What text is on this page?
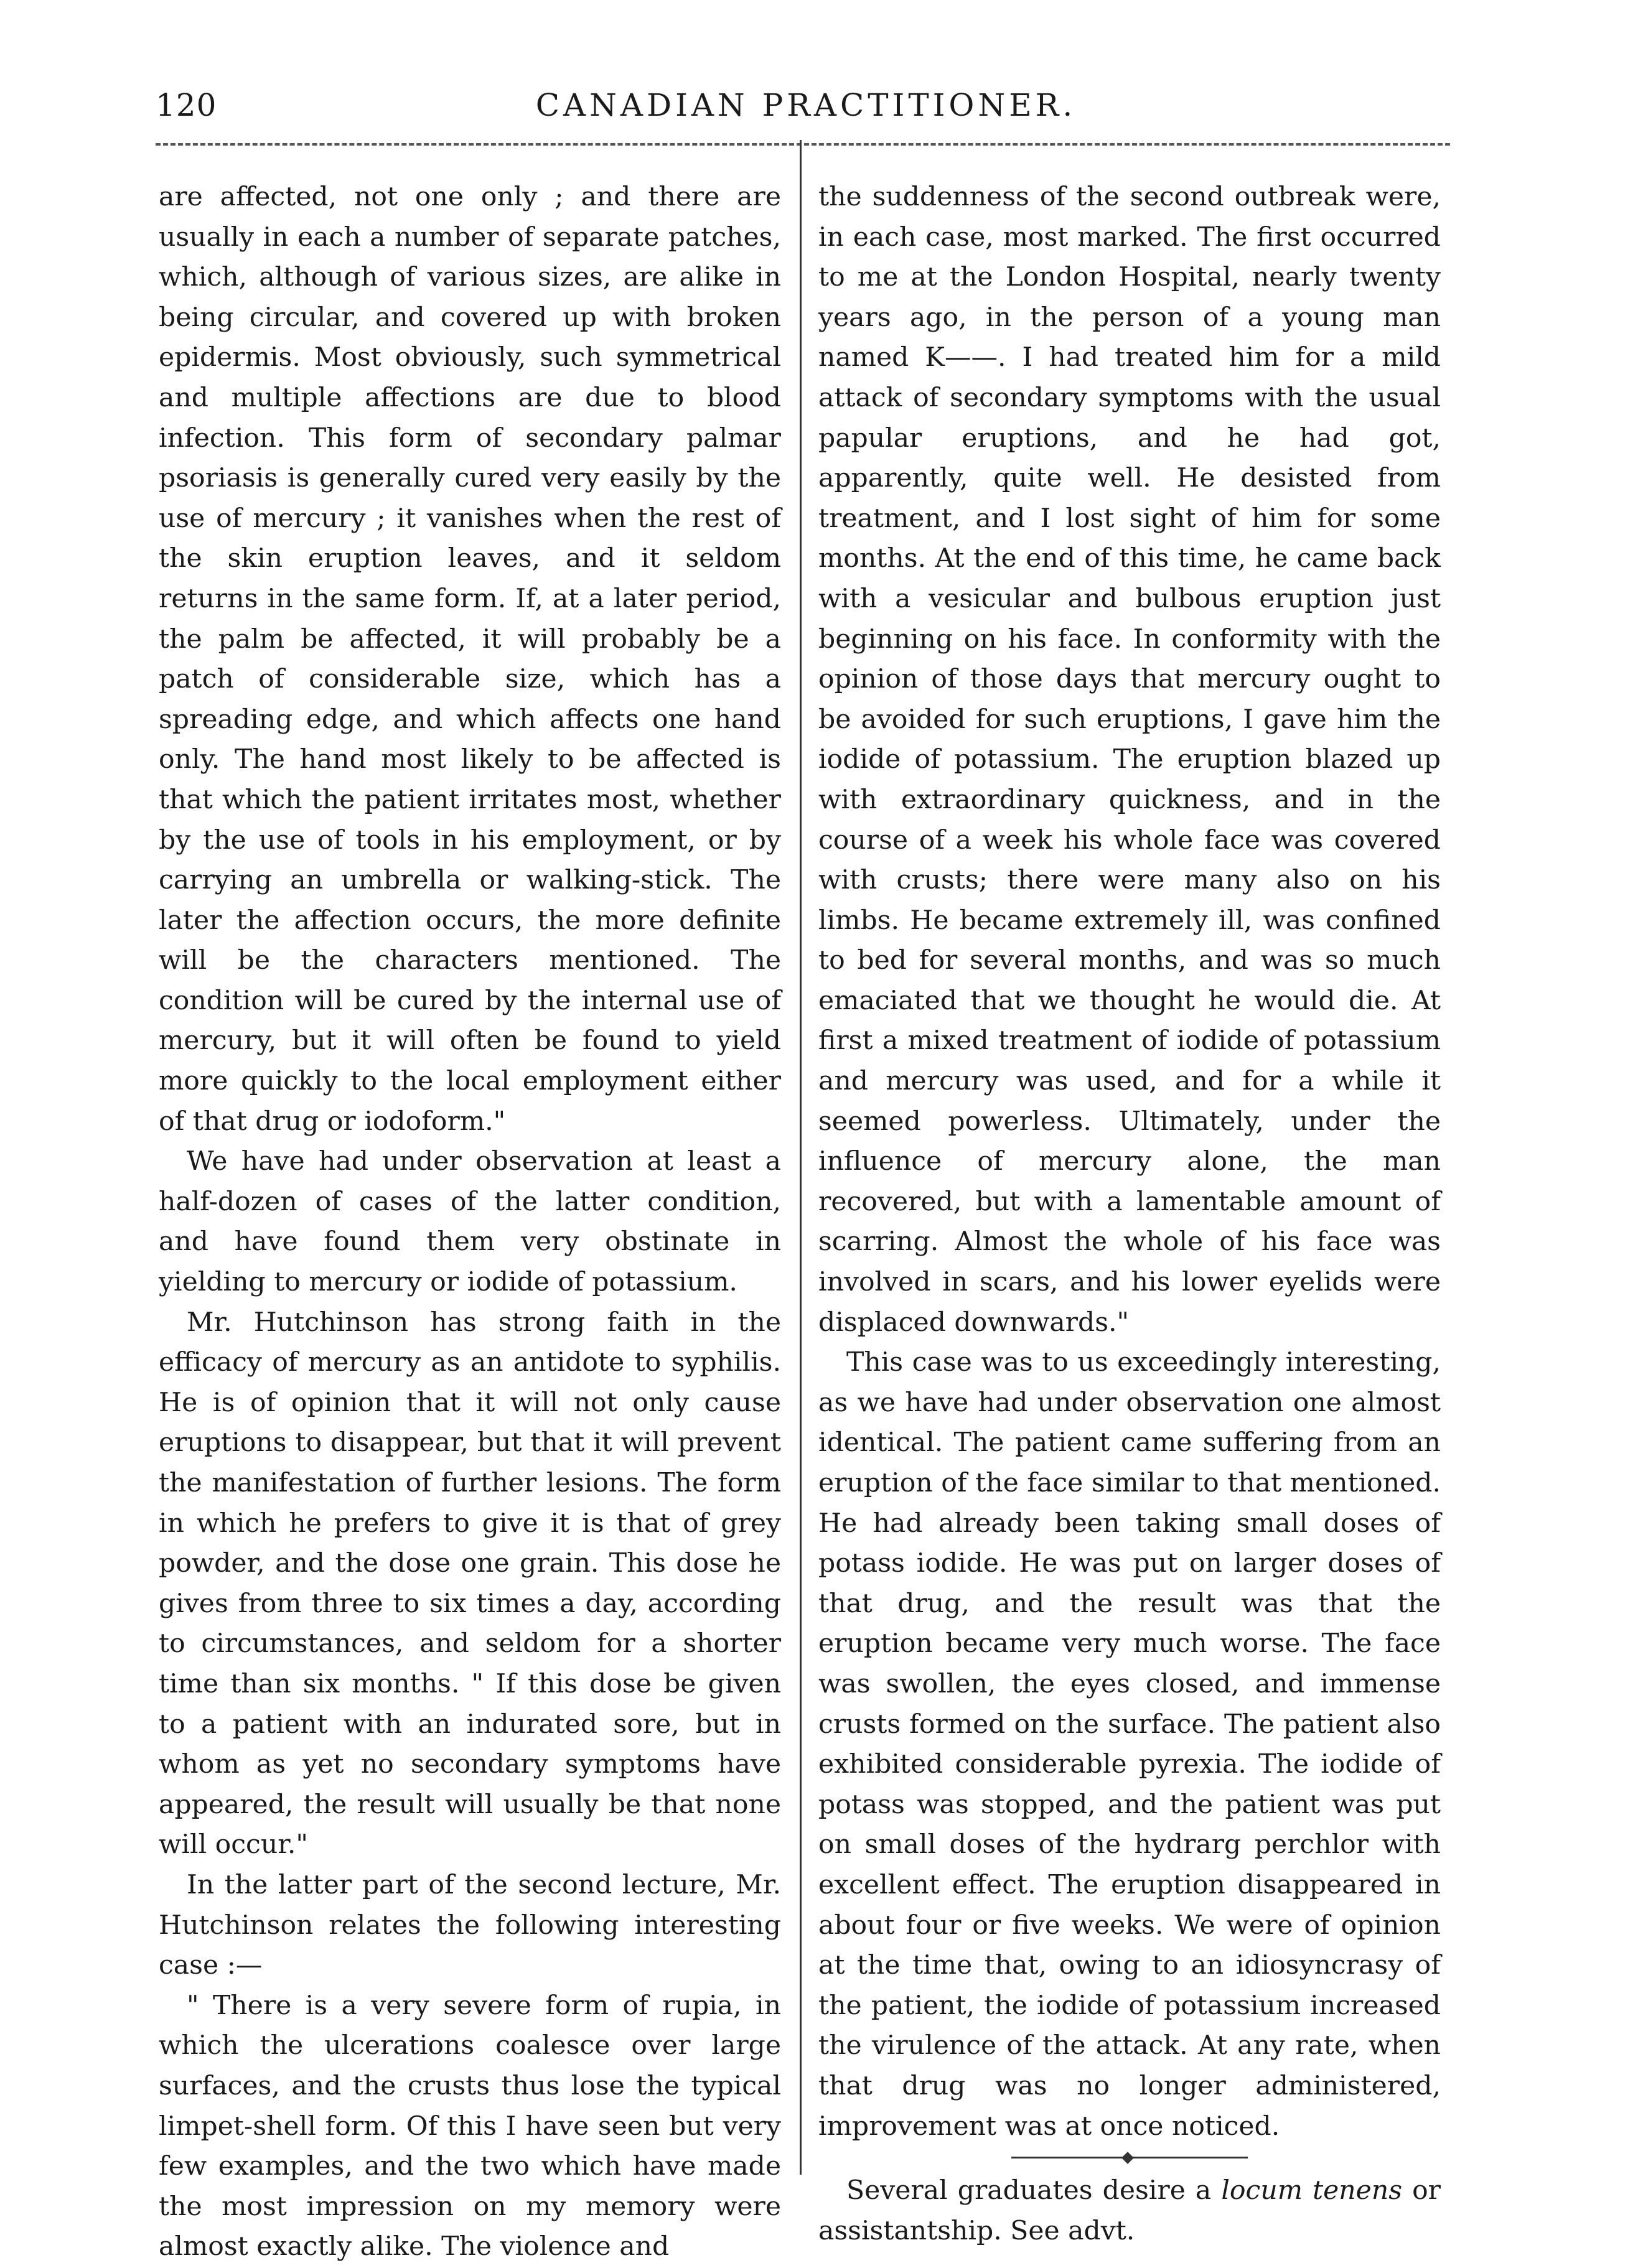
120	CANADIAN PRACTITIONER.

are affected, not one only ; and there are usually in each a number of separate patches, which, although of various sizes, are alike in being circular, and covered up with broken epidermis. Most obviously, such symmetrical and multiple affections are due to blood infection. This form of secondary palmar psoriasis is generally cured very easily by the use of mercury ; it vanishes when the rest of the skin eruption leaves, and it seldom returns in the same form. If, at a later period, the palm be affected, it will probably be a patch of considerable size, which has a spreading edge, and which affects one hand only. The hand most likely to be affected is that which the patient irritates most, whether by the use of tools in his employment, or by carrying an umbrella or walking-stick. The later the affection occurs, the more definite will be the characters mentioned. The condition will be cured by the internal use of mercury, but it will often be found to yield more quickly to the local employment either of that drug or iodoform."

We have had under observation at least a half-dozen of cases of the latter condition, and have found them very obstinate in yielding to mercury or iodide of potassium.

Mr. Hutchinson has strong faith in the efficacy of mercury as an antidote to syphilis. He is of opinion that it will not only cause eruptions to disappear, but that it will prevent the manifestation of further lesions. The form in which he prefers to give it is that of grey powder, and the dose one grain. This dose he gives from three to six times a day, according to circumstances, and seldom for a shorter time than six months. " If this dose be given to a patient with an indurated sore, but in whom as yet no secondary symptoms have appeared, the result will usually be that none will occur."

In the latter part of the second lecture, Mr. Hutchinson relates the following interesting case :—

" There is a very severe form of rupia, in which the ulcerations coalesce over large surfaces, and the crusts thus lose the typical limpet-shell form. Of this I have seen but very few examples, and the two which have made the most impression on my memory were almost exactly alike. The violence and

the suddenness of the second outbreak were, in each case, most marked. The first occurred to me at the London Hospital, nearly twenty years ago, in the person of a young man named K——. I had treated him for a mild attack of secondary symptoms with the usual papular eruptions, and he had got, apparently, quite well. He desisted from treatment, and I lost sight of him for some months. At the end of this time, he came back with a vesicular and bulbous eruption just beginning on his face. In conformity with the opinion of those days that mercury ought to be avoided for such eruptions, I gave him the iodide of potassium. The eruption blazed up with extraordinary quickness, and in the course of a week his whole face was covered with crusts; there were many also on his limbs. He became extremely ill, was confined to bed for several months, and was so much emaciated that we thought he would die. At first a mixed treatment of iodide of potassium and mercury was used, and for a while it seemed powerless. Ultimately, under the influence of mercury alone, the man recovered, but with a lamentable amount of scarring. Almost the whole of his face was involved in scars, and his lower eyelids were displaced downwards."

This case was to us exceedingly interesting, as we have had under observation one almost identical. The patient came suffering from an eruption of the face similar to that mentioned. He had already been taking small doses of potass iodide. He was put on larger doses of that drug, and the result was that the eruption became very much worse. The face was swollen, the eyes closed, and immense crusts formed on the surface. The patient also exhibited considerable pyrexia. The iodide of potass was stopped, and the patient was put on small doses of the hydrarg perchlor with excellent effect. The eruption disappeared in about four or five weeks. We were of opinion at the time that, owing to an idiosyncrasy of the patient, the iodide of potassium increased the virulence of the attack. At any rate, when that drug was no longer administered, improvement was at once noticed.

Several graduates desire a locum tenens or assistantship. See advt.
